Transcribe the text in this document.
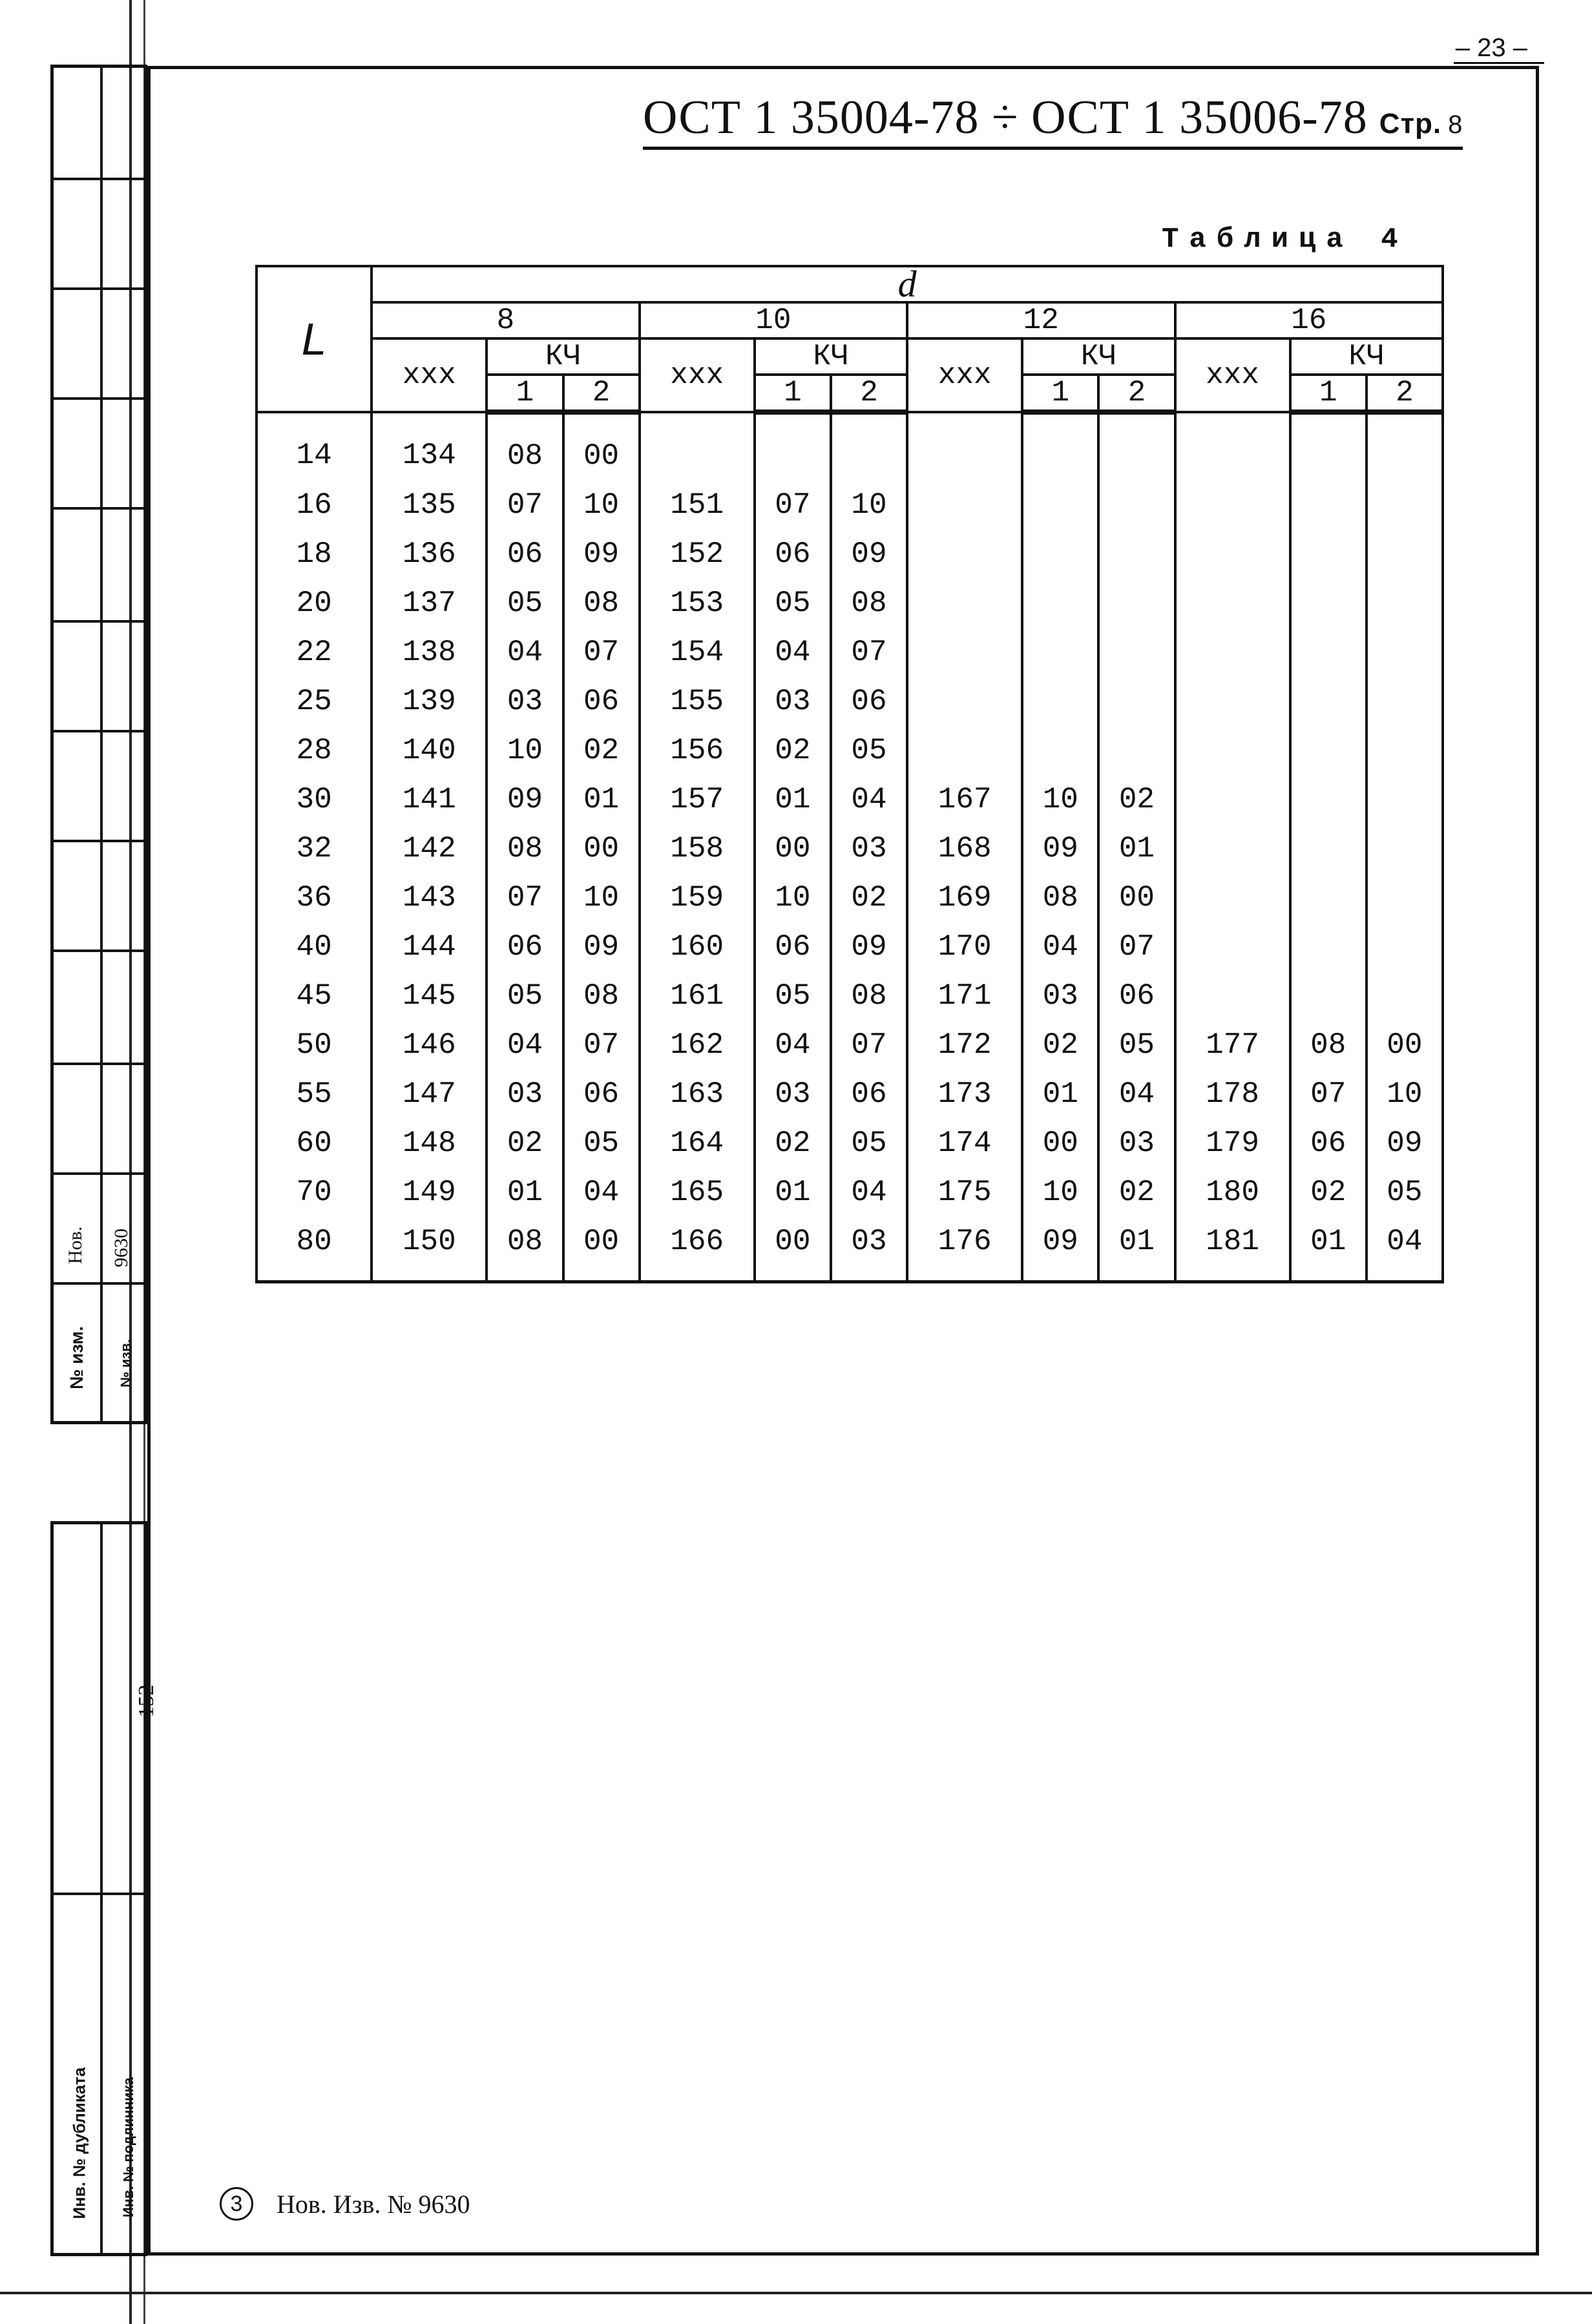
Нов. 9630
№ изм. № изв.
152
Инв. № дубликата Инв. № подлинника
– 23 –
ОСТ 1 35004-78 ÷ ОСТ 1 35006-78 Стр. 8
Таблица 4
L	d											
	8			10			12			16		
	ххх	КЧ		ххх	КЧ		ххх	КЧ		ххх	КЧ	
		1	2		1	2		1	2		1	2
14	134	08	00									
16	135	07	10	151	07	10						
18	136	06	09	152	06	09						
20	137	05	08	153	05	08						
22	138	04	07	154	04	07						
25	139	03	06	155	03	06						
28	140	10	02	156	02	05						
30	141	09	01	157	01	04	167	10	02			
32	142	08	00	158	00	03	168	09	01			
36	143	07	10	159	10	02	169	08	00			
40	144	06	09	160	06	09	170	04	07			
45	145	05	08	161	05	08	171	03	06			
50	146	04	07	162	04	07	172	02	05	177	08	00
55	147	03	06	163	03	06	173	01	04	178	07	10
60	148	02	05	164	02	05	174	00	03	179	06	09
70	149	01	04	165	01	04	175	10	02	180	02	05
80	150	08	00	166	00	03	176	09	01	181	01	04
3	Нов. Изв. № 9630
